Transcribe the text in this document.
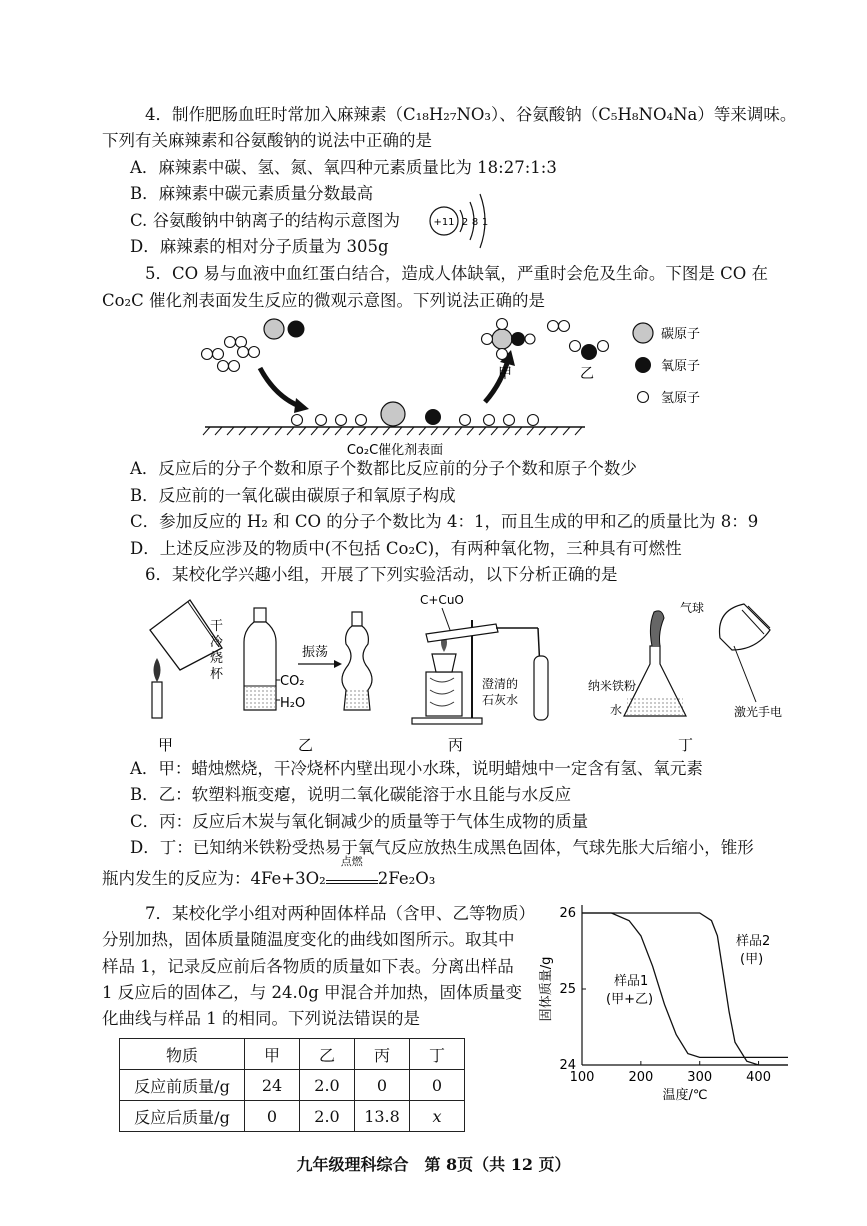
4．制作肥肠血旺时常加入麻辣素（C₁₈H₂₇NO₃）、谷氨酸钠（C₅H₈NO₄Na）等来调味。
下列有关麻辣素和谷氨酸钠的说法中正确的是
A．麻辣素中碳、氢、氮、氧四种元素质量比为 18:27:1:3
B．麻辣素中碳元素质量分数最高
C. 谷氨酸钠中钠离子的结构示意图为	+11 2 8 1
D．麻辣素的相对分子质量为 305g
5．CO 易与血液中血红蛋白结合，造成人体缺氧，严重时会危及生命。下图是 CO 在
Co₂C 催化剂表面发生反应的微观示意图。下列说法正确的是
Co₂C催化剂表面
甲	乙
碳原子
氧原子
氢原子
A．反应后的分子个数和原子个数都比反应前的分子个数和原子个数少
B．反应前的一氧化碳由碳原子和氧原子构成
C．参加反应的 H₂ 和 CO 的分子个数比为 4：1，而且生成的甲和乙的质量比为 8：9
D．上述反应涉及的物质中(不包括 Co₂C)，有两种氧化物，三种具有可燃性
6．某校化学兴趣小组，开展了下列实验活动，以下分析正确的是
干
冷
烧
杯	CO₂
H₂O
振荡
C+CuO
澄清的
石灰水
气球
纳米铁粉
水	激光手电
甲	乙	丙	丁
A．甲：蜡烛燃烧，干冷烧杯内壁出现小水珠，说明蜡烛中一定含有氢、氧元素
B．乙：软塑料瓶变瘪，说明二氧化碳能溶于水且能与水反应
C．丙：反应后木炭与氧化铜减少的质量等于气体生成物的质量
D．丁：已知纳米铁粉受热易于氧气反应放热生成黑色固体，气球先胀大后缩小，锥形
瓶内发生的反应为：4Fe+3O₂
点燃
2Fe₂O₃
7．某校化学小组对两种固体样品（含甲、乙等物质）
分别加热，固体质量随温度变化的曲线如图所示。取其中
样品 1，记录反应前后各物质的质量如下表。分离出样品
1 反应后的固体乙，与 24.0g 甲混合并加热，固体质量变
化曲线与样品 1 的相同。下列说法错误的是
物质	甲	乙	丙	丁
反应前质量/g	24	2.0	0	0
反应后质量/g	0	2.0	13.8	x
100	200	300	400
24
25
26
样品1
(甲+乙)
样品2
(甲)
温度/℃
固体质量/g
九年级理科综合　第 8页（共 12 页）
